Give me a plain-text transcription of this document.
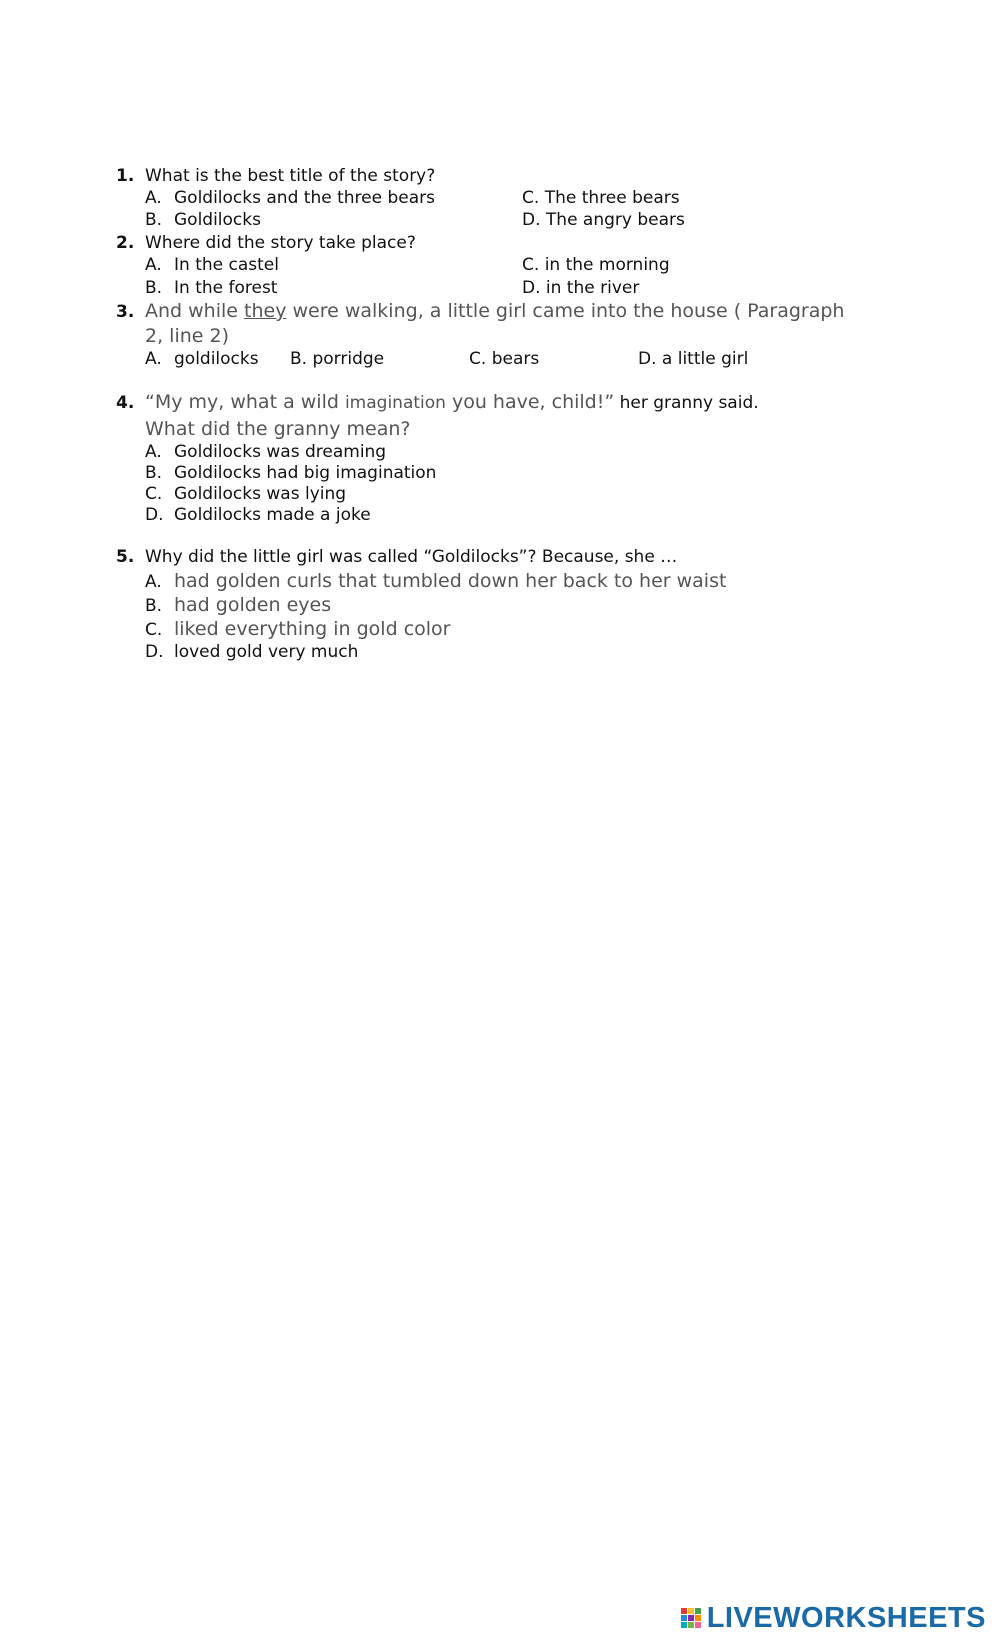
1. What is the best title of the story?
A. Goldilocks and the three bears
B. Goldilocks
C. The three bears
D. The angry bears
2. Where did the story take place?
A. In the castel
B. In the forest
C. in the morning
D. in the river
3. And while they were walking, a little girl came into the house ( Paragraph
2, line 2)
A. goldilocks B. porridge	C. bears	D. a little girl
4. “My my, what a wild imagination you have, child!” her granny said.
What did the granny mean?
A. Goldilocks was dreaming
B. Goldilocks had big imagination
C. Goldilocks was lying
D. Goldilocks made a joke
5. Why did the little girl was called “Goldilocks”? Because, she …
A. had golden curls that tumbled down her back to her waist
B. had golden eyes
C. liked everything in gold color
D. loved gold very much
LIVEWORKSHEETS
